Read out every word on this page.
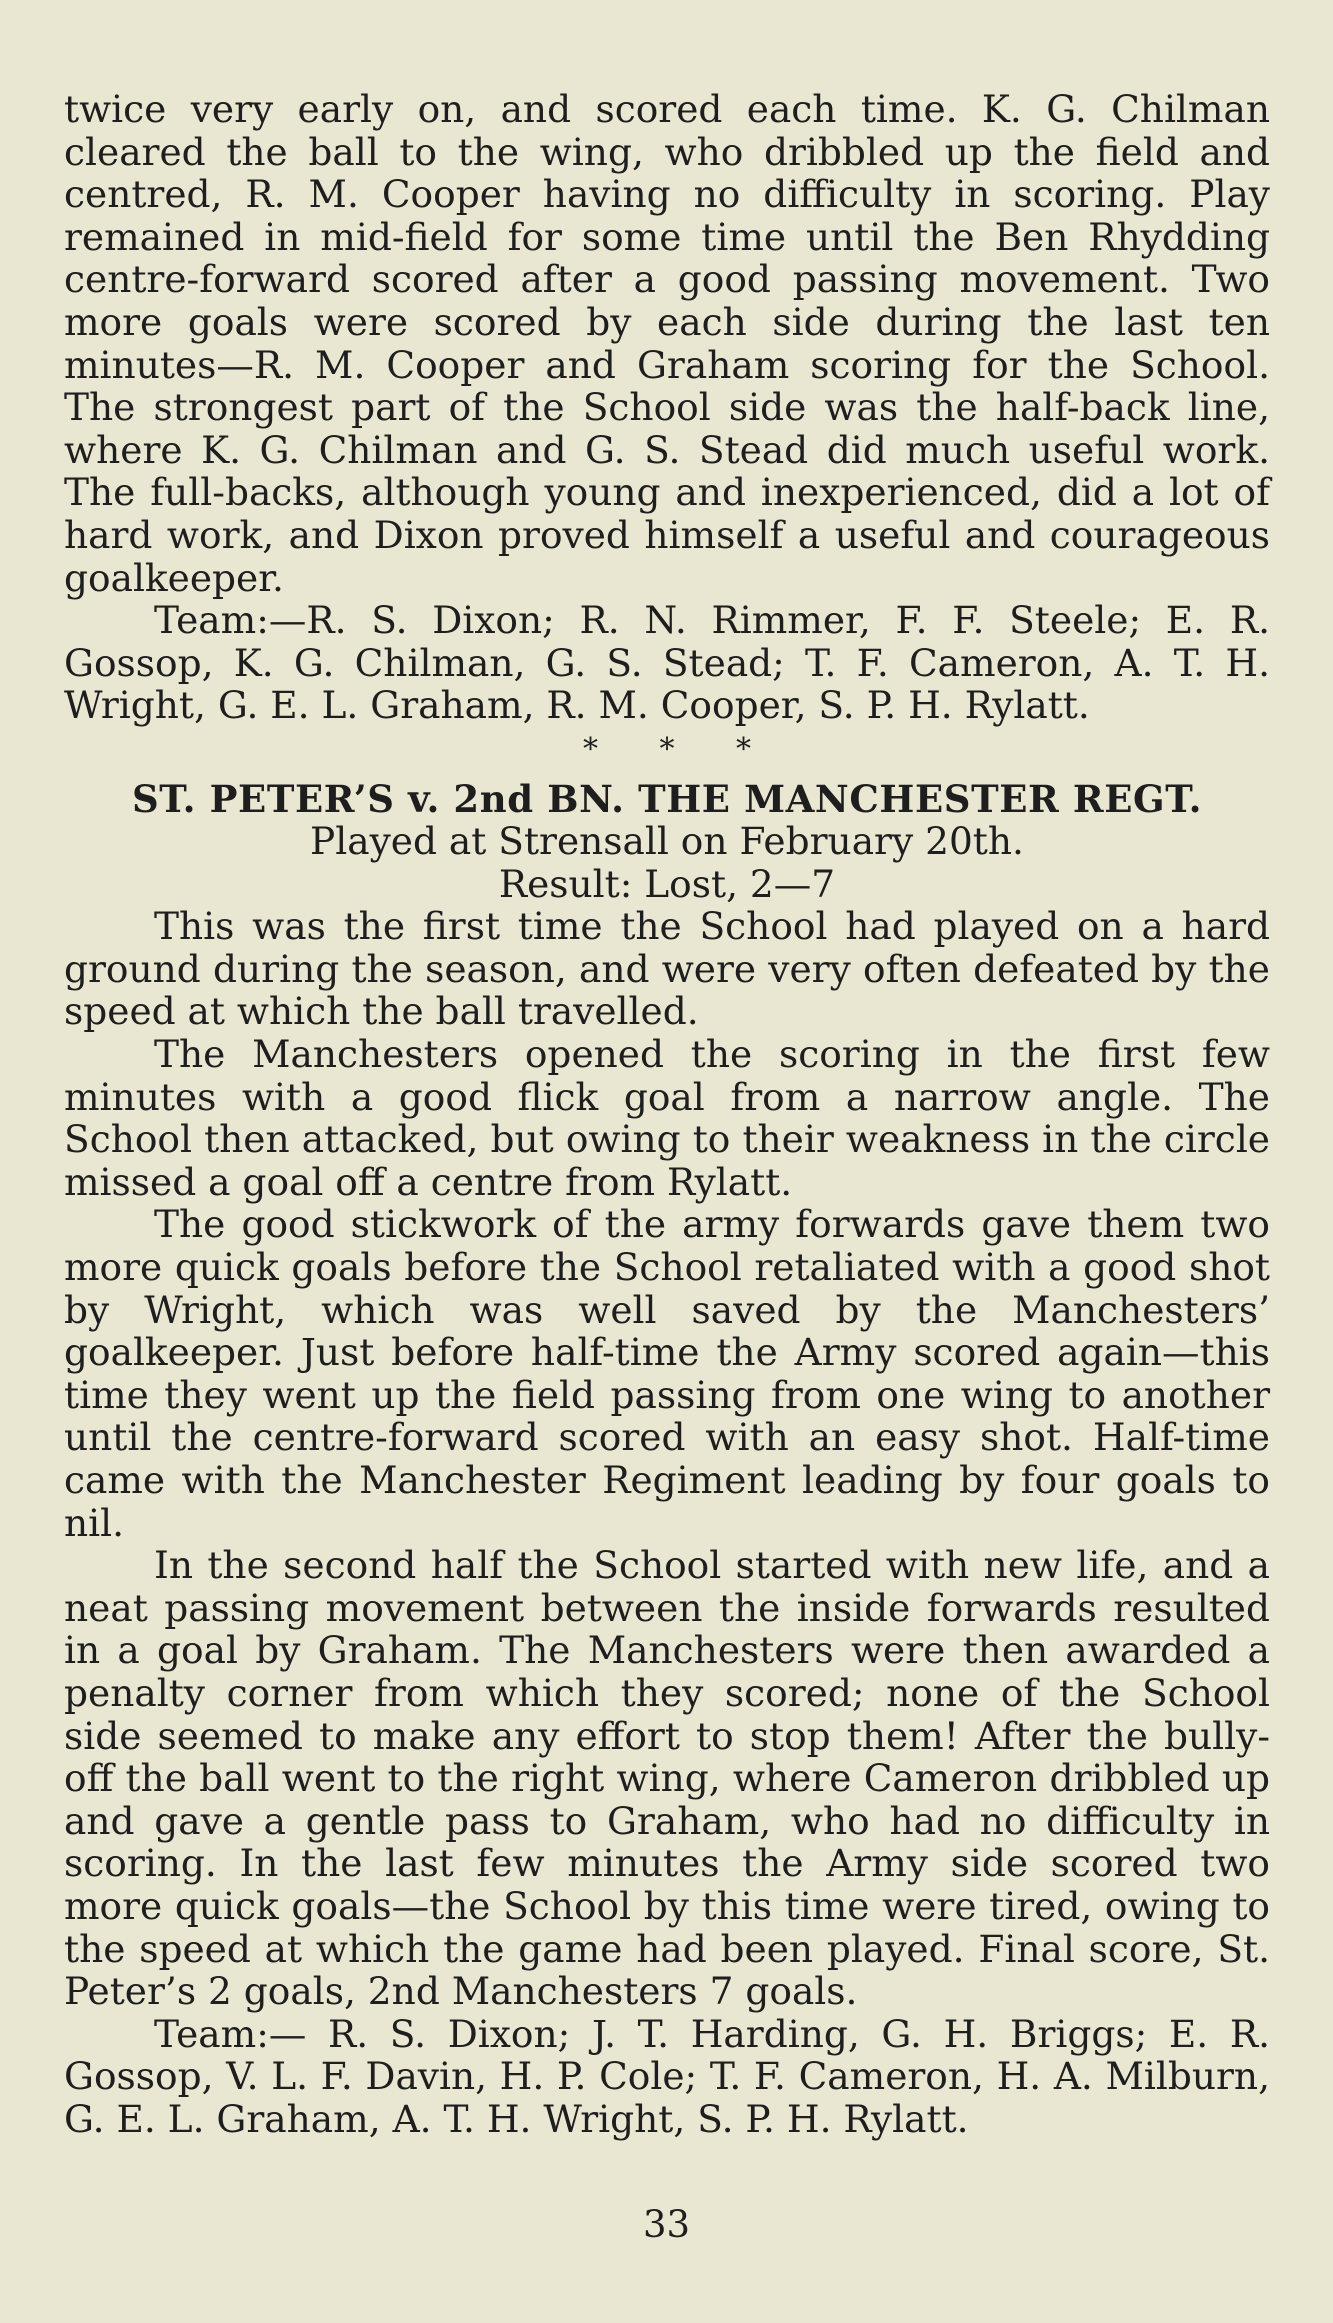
twice very early on, and scored each time. K. G. Chilman cleared the ball to the wing, who dribbled up the field and centred, R. M. Cooper having no difficulty in scoring. Play remained in mid-field for some time until the Ben Rhydding centre-forward scored after a good passing movement. Two more goals were scored by each side during the last ten minutes—R. M. Cooper and Graham scoring for the School. The strongest part of the School side was the half-back line, where K. G. Chilman and G. S. Stead did much useful work. The full-backs, although young and inexperienced, did a lot of hard work, and Dixon proved himself a useful and courageous goalkeeper.

Team:—R. S. Dixon; R. N. Rimmer, F. F. Steele; E. R. Gossop, K. G. Chilman, G. S. Stead; T. F. Cameron, A. T. H. Wright, G. E. L. Graham, R. M. Cooper, S. P. H. Rylatt.

* * *
ST. PETER’S v. 2nd BN. THE MANCHESTER REGT.
Played at Strensall on February 20th.
Result: Lost, 2—7

This was the first time the School had played on a hard ground during the season, and were very often defeated by the speed at which the ball travelled.

The Manchesters opened the scoring in the first few minutes with a good flick goal from a narrow angle. The School then attacked, but owing to their weakness in the circle missed a goal off a centre from Rylatt.

The good stickwork of the army forwards gave them two more quick goals before the School retaliated with a good shot by Wright, which was well saved by the Manchesters’ goalkeeper. Just before half-time the Army scored again—this time they went up the field passing from one wing to another until the centre-forward scored with an easy shot. Half-time came with the Manchester Regiment leading by four goals to nil.

In the second half the School started with new life, and a neat passing movement between the inside forwards resulted in a goal by Graham. The Manchesters were then awarded a penalty corner from which they scored; none of the School side seemed to make any effort to stop them! After the bully-off the ball went to the right wing, where Cameron dribbled up and gave a gentle pass to Graham, who had no difficulty in scoring. In the last few minutes the Army side scored two more quick goals—the School by this time were tired, owing to the speed at which the game had been played. Final score, St. Peter’s 2 goals, 2nd Manchesters 7 goals.

Team:— R. S. Dixon; J. T. Harding, G. H. Briggs; E. R. Gossop, V. L. F. Davin, H. P. Cole; T. F. Cameron, H. A. Milburn, G. E. L. Graham, A. T. H. Wright, S. P. H. Rylatt.

33
